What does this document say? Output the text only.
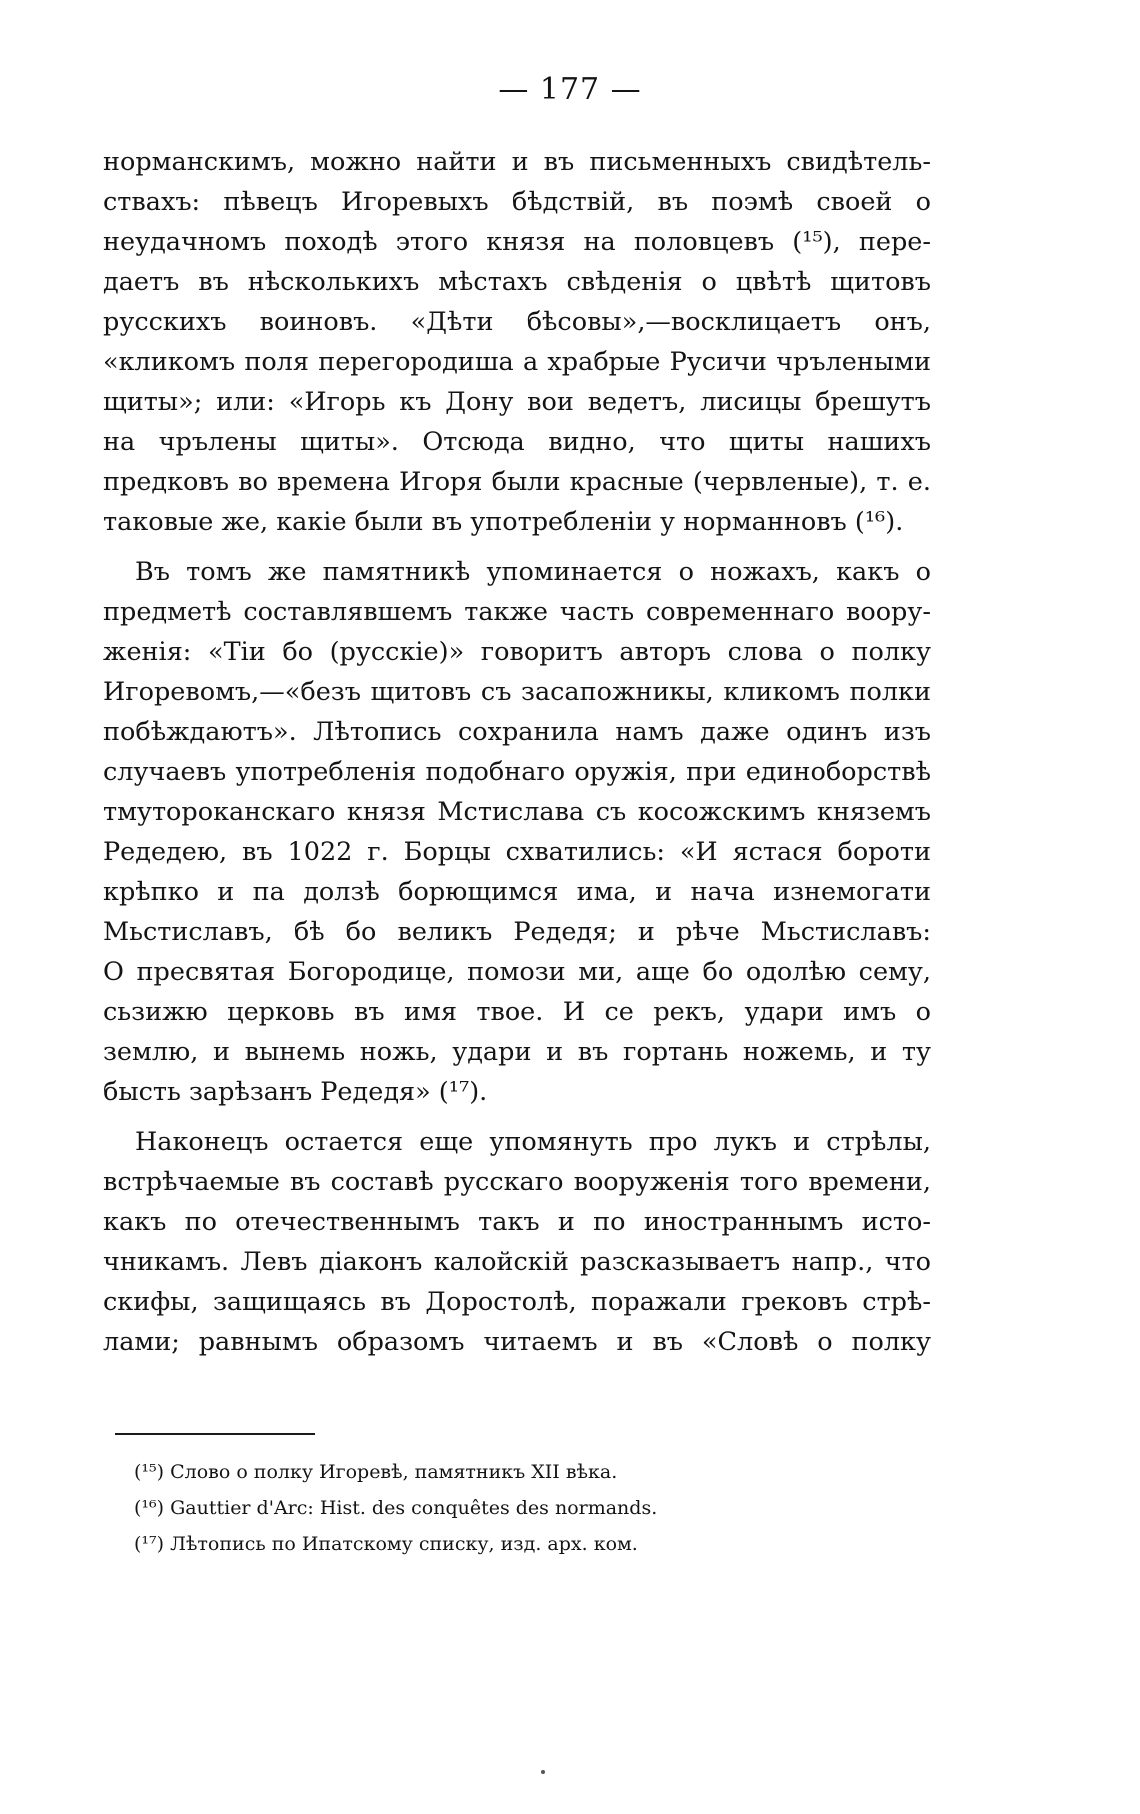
— 177 —
норманскимъ, можно найти и въ письменныхъ свидѣтель-
ствахъ: пѣвецъ Игоревыхъ бѣдствій, въ поэмѣ своей о
неудачномъ походѣ этого князя на половцевъ (¹⁵), пере-
даетъ въ нѣсколькихъ мѣстахъ свѣденія о цвѣтѣ щитовъ
русскихъ воиновъ. «Дѣти бѣсовы»,—восклицаетъ онъ,
«кликомъ поля перегородиша а храбрые Русичи чрълеными
щиты»; или: «Игорь къ Дону вои ведетъ, лисицы брешутъ
на чрълены щиты». Отсюда видно, что щиты нашихъ
предковъ во времена Игоря были красные (червленые), т. е.
таковые же, какіе были въ употребленіи у норманновъ (¹⁶).
Въ томъ же памятникѣ упоминается о ножахъ, какъ о
предметѣ составлявшемъ также часть современнаго воору-
женія: «Тіи бо (русскіе)» говоритъ авторъ слова о полку
Игоревомъ,—«безъ щитовъ съ засапожникы, кликомъ полки
побѣждаютъ». Лѣтопись сохранила намъ даже одинъ изъ
случаевъ употребленія подобнаго оружія, при единоборствѣ
тмутороканскаго князя Мстислава съ косожскимъ княземъ
Редедею, въ 1022 г. Борцы схватились: «И ястася бороти
крѣпко и па долзѣ борющимся има, и нача изнемогати
Мьстиславъ, бѣ бо великъ Редедя; и рѣче Мьстиславъ:
О пресвятая Богородице, помози ми, аще бо одолѣю сему,
сьзижю церковь въ имя твое. И се рекъ, удари имъ о
землю, и вынемь ножь, удари и въ гортань ножемь, и ту
бысть зарѣзанъ Редедя» (¹⁷).
Наконецъ остается еще упомянуть про лукъ и стрѣлы,
встрѣчаемые въ составѣ русскаго вооруженія того времени,
какъ по отечественнымъ такъ и по иностраннымъ исто-
чникамъ. Левъ діаконъ калойскій разсказываетъ напр., что
скифы, защищаясь въ Доростолѣ, поражали грековъ стрѣ-
лами; равнымъ образомъ читаемъ и въ «Словѣ о полку
(¹⁵) Слово о полку Игоревѣ, памятникъ XII вѣка.
(¹⁶) Gauttier d'Arc: Hist. des conquêtes des normands.
(¹⁷) Лѣтопись по Ипатскому списку, изд. арх. ком.
